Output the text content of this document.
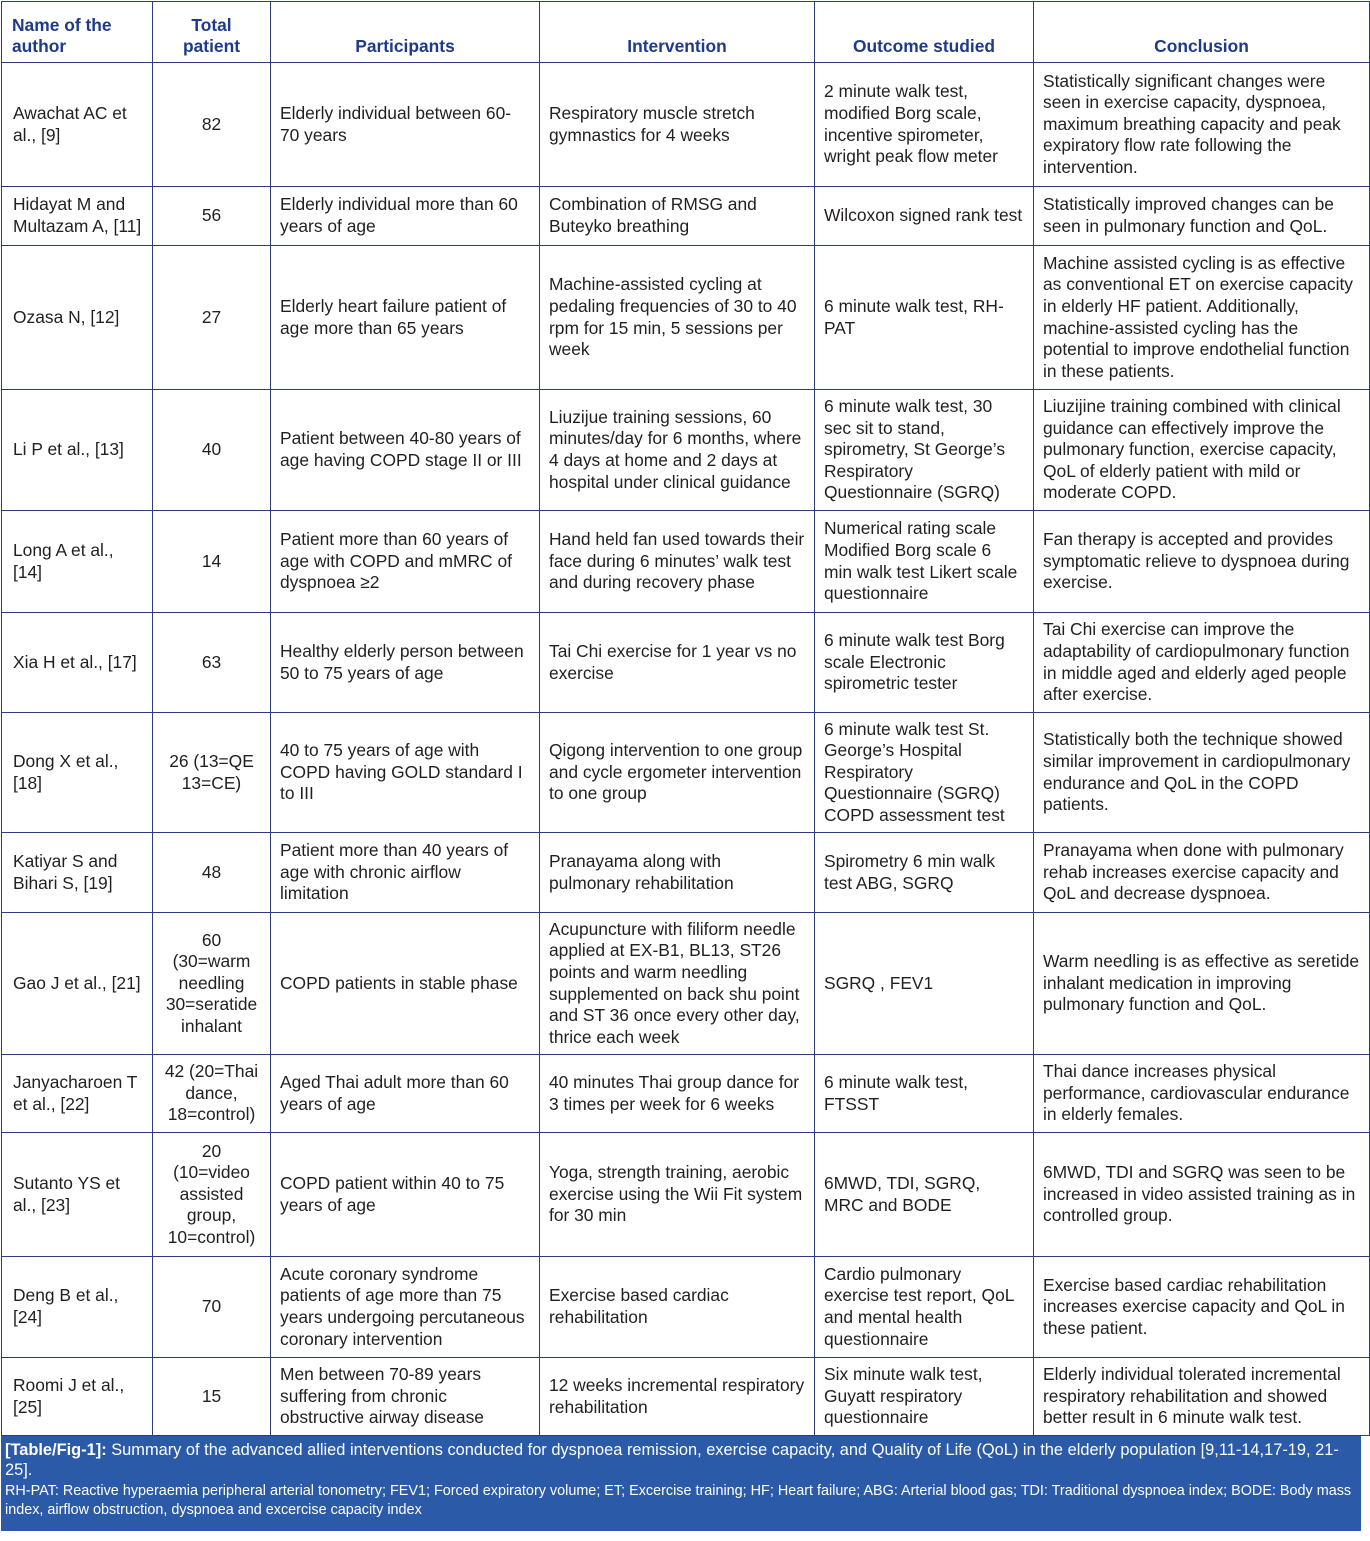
Name of the author	Total patient	Participants	Intervention	Outcome studied	Conclusion
Awachat AC et al., [9]	82	Elderly individual between 60-70 years	Respiratory muscle stretch gymnastics for 4 weeks	2 minute walk test, modified Borg scale, incentive spirometer, wright peak flow meter	Statistically significant changes were seen in exercise capacity, dyspnoea, maximum breathing capacity and peak expiratory flow rate following the intervention.
Hidayat M and Multazam A, [11]	56	Elderly individual more than 60 years of age	Combination of RMSG and Buteyko breathing	Wilcoxon signed rank test	Statistically improved changes can be seen in pulmonary function and QoL.
Ozasa N, [12]	27	Elderly heart failure patient of age more than 65 years	Machine-assisted cycling at pedaling frequencies of 30 to 40 rpm for 15 min, 5 sessions per week	6 minute walk test, RH-PAT	Machine assisted cycling is as effective as conventional ET on exercise capacity in elderly HF patient. Additionally, machine-assisted cycling has the potential to improve endothelial function in these patients.
Li P et al., [13]	40	Patient between 40-80 years of age having COPD stage II or III	Liuzijue training sessions, 60 minutes/day for 6 months, where 4 days at home and 2 days at hospital under clinical guidance	6 minute walk test, 30 sec sit to stand, spirometry, St George’s Respiratory Questionnaire (SGRQ)	Liuzijine training combined with clinical guidance can effectively improve the pulmonary function, exercise capacity, QoL of elderly patient with mild or moderate COPD.
Long A et al., [14]	14	Patient more than 60 years of age with COPD and mMRC of dyspnoea ≥2	Hand held fan used towards their face during 6 minutes’ walk test and during recovery phase	Numerical rating scale Modified Borg scale 6 min walk test Likert scale questionnaire	Fan therapy is accepted and provides symptomatic relieve to dyspnoea during exercise.
Xia H et al., [17]	63	Healthy elderly person between 50 to 75 years of age	Tai Chi exercise for 1 year vs no exercise	6 minute walk test Borg scale Electronic spirometric tester	Tai Chi exercise can improve the adaptability of cardiopulmonary function in middle aged and elderly aged people after exercise.
Dong X et al., [18]	26 (13=QE 13=CE)	40 to 75 years of age with COPD having GOLD standard I to III	Qigong intervention to one group and cycle ergometer intervention to one group	6 minute walk test St. George’s Hospital Respiratory Questionnaire (SGRQ) COPD assessment test	Statistically both the technique showed similar improvement in cardiopulmonary endurance and QoL in the COPD patients.
Katiyar S and Bihari S, [19]	48	Patient more than 40 years of age with chronic airflow limitation	Pranayama along with pulmonary rehabilitation	Spirometry 6 min walk test ABG, SGRQ	Pranayama when done with pulmonary rehab increases exercise capacity and QoL and decrease dyspnoea.
Gao J et al., [21]	60 (30=warm needling 30=seratide inhalant	COPD patients in stable phase	Acupuncture with filiform needle applied at EX-B1, BL13, ST26 points and warm needling supplemented on back shu point and ST 36 once every other day, thrice each week	SGRQ , FEV1	Warm needling is as effective as seretide inhalant medication in improving pulmonary function and QoL.
Janyacharoen T et al., [22]	42 (20=Thai dance, 18=control)	Aged Thai adult more than 60 years of age	40 minutes Thai group dance for 3 times per week for 6 weeks	6 minute walk test, FTSST	Thai dance increases physical performance, cardiovascular endurance in elderly females.
Sutanto YS et al., [23]	20 (10=video assisted group, 10=control)	COPD patient within 40 to 75 years of age	Yoga, strength training, aerobic exercise using the Wii Fit system for 30 min	6MWD, TDI, SGRQ, MRC and BODE	6MWD, TDI and SGRQ was seen to be increased in video assisted training as in controlled group.
Deng B et al., [24]	70	Acute coronary syndrome patients of age more than 75 years undergoing percutaneous coronary intervention	Exercise based cardiac rehabilitation	Cardio pulmonary exercise test report, QoL and mental health questionnaire	Exercise based cardiac rehabilitation increases exercise capacity and QoL in these patient.
Roomi J et al., [25]	15	Men between 70-89 years suffering from chronic obstructive airway disease	12 weeks incremental respiratory rehabilitation	Six minute walk test, Guyatt respiratory questionnaire	Elderly individual tolerated incremental respiratory rehabilitation and showed better result in 6 minute walk test.
[Table/Fig-1]: Summary of the advanced allied interventions conducted for dyspnoea remission, exercise capacity, and Quality of Life (QoL) in the elderly population [9,11-14,17-19, 21-25].
RH-PAT: Reactive hyperaemia peripheral arterial tonometry; FEV1; Forced expiratory volume; ET; Excercise training; HF; Heart failure; ABG: Arterial blood gas; TDI: Traditional dyspnoea index; BODE: Body mass index, airflow obstruction, dyspnoea and excercise capacity index
